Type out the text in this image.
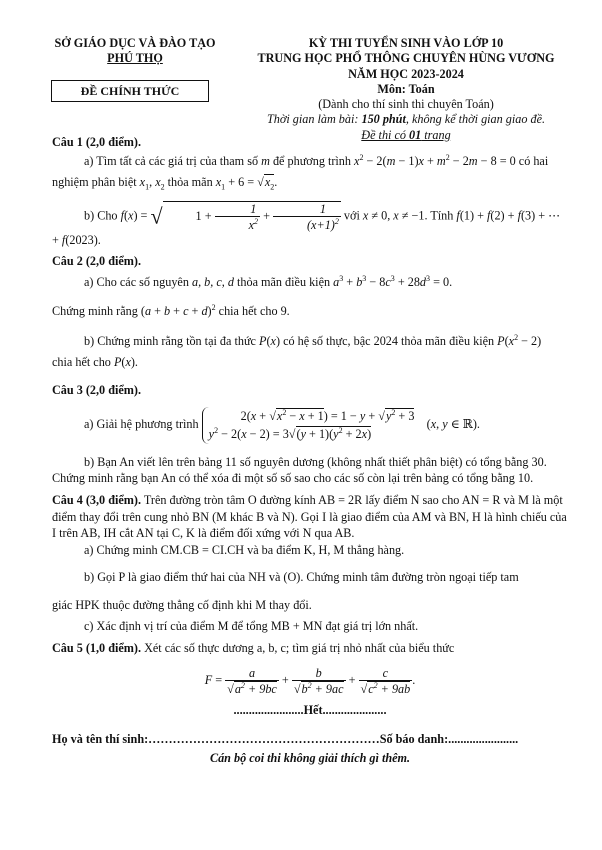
SỞ GIÁO DỤC VÀ ĐÀO TẠO
PHÚ THỌ
ĐỀ CHÍNH THỨC
KỲ THI TUYỂN SINH VÀO LỚP 10
TRUNG HỌC PHỔ THÔNG CHUYÊN HÙNG VƯƠNG
NĂM HỌC 2023-2024
Môn: Toán
(Dành cho thí sinh thi chuyên Toán)
Thời gian làm bài: 150 phút, không kể thời gian giao đề.
Đề thi có 01 trang

Câu 1 (2,0 điểm).

a) Tìm tất cả các giá trị của tham số m để phương trình $x^2 - 2(m - 1)x + m^2 - 2m - 8 = 0$ có hai

nghiệm phân biệt $x_1$, $x_2$ thỏa mãn $x_1 + 6 = √x_2$.

b) Cho f(x) = √	$1 + \frac{1}{x^2} + \frac{1}{(x+1)^2}$ với x ≠ 0, x ≠ −1. Tính f(1) + f(2) + f(3) + ⋯ + f(2023).

Câu 2 (2,0 điểm).

a) Cho các số nguyên a, b, c, d thỏa mãn điều kiện $a^3 + b^3 - 8c^3 + 28d^3 = 0$.

Chứng minh rằng $(a + b + c + d)^2$ chia hết cho 9.

b) Chứng minh rằng tồn tại đa thức P(x) có hệ số thực, bậc 2024 thỏa mãn điều kiện $P(x^2 - 2)$

chia hết cho P(x).

Câu 3 (2,0 điểm).

a) Giải hệ phương trình $2(x + √x^2 - x + 1) = 1 - y + √y^2 + 3$
$y^2 - 2(x - 2) = 3√(y + 1)(y^2 + 2x)$    (x, y ∈ ℝ).

b) Bạn An viết lên trên bảng 11 số nguyên dương (không nhất thiết phân biệt) có tổng bằng 30. Chứng minh rằng bạn An có thể xóa đi một số số sao cho các số còn lại trên bảng có tổng bằng 10.

Câu 4 (3,0 điểm). Trên đường tròn tâm O đường kính AB = 2R lấy điểm N sao cho AN = R và M là một điểm thay đổi trên cung nhỏ BN (M khác B và N). Gọi I là giao điểm của AM và BN, H là hình chiếu của I trên AB, IH cắt AN tại C, K là điểm đối xứng với N qua AB.

a) Chứng minh CM.CB = CI.CH và ba điểm K, H, M thẳng hàng.

b) Gọi P là giao điểm thứ hai của NH và (O). Chứng minh tâm đường tròn ngoại tiếp tam

giác HPK thuộc đường thẳng cố định khi M thay đổi.

c) Xác định vị trí của điểm M để tổng MB + MN đạt giá trị lớn nhất.

Câu 5 (1,0 điểm). Xét các số thực dương a, b, c; tìm giá trị nhỏ nhất của biểu thức

$F = \frac{a}{√a^2 + 9bc} + \frac{b}{√b^2 + 9ac} + \frac{c}{√c^2 + 9ab}$ .

.......................Hết.....................

Họ và tên thí sinh:…………………………………………………Số báo danh:.......................
Cán bộ coi thi không giải thích gì thêm.
